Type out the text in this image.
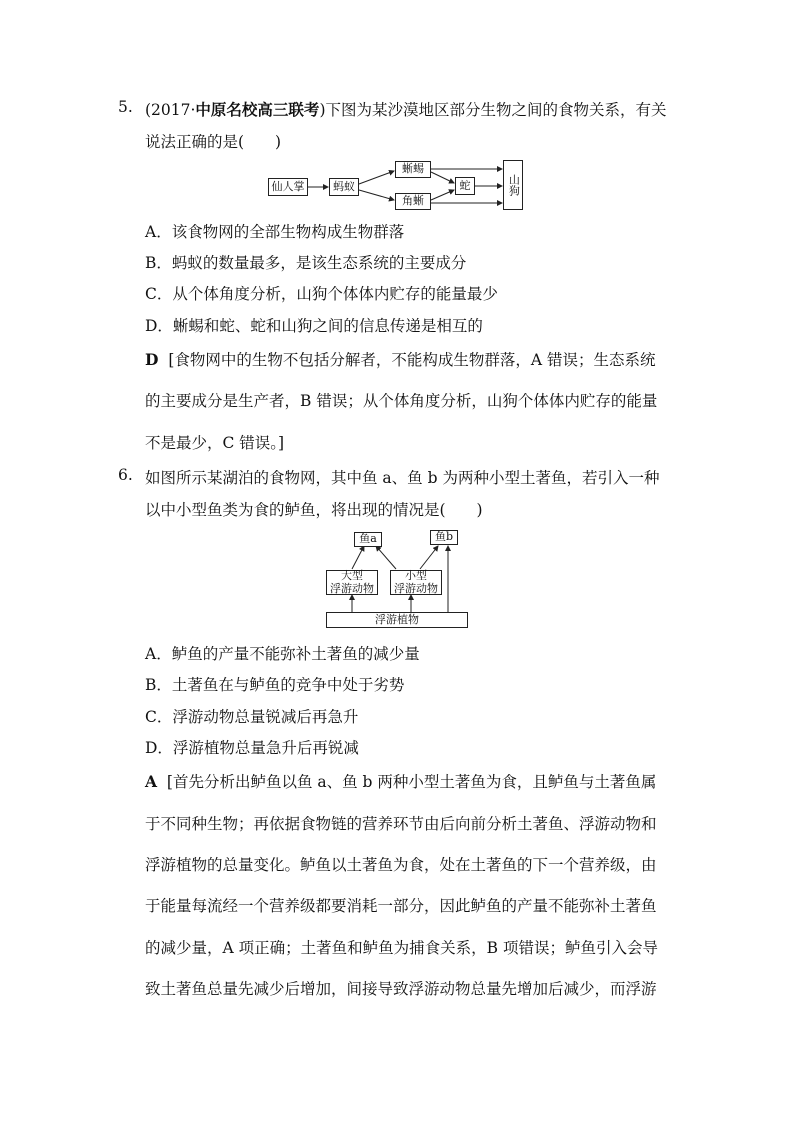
5. (2017·中原名校高三联考)下图为某沙漠地区部分生物之间的食物关系，有关
说法正确的是(　　)
仙人掌	蚂蚁
蜥蜴
角蜥
蛇	山狗
A．该食物网的全部生物构成生物群落
B．蚂蚁的数量最多，是该生态系统的主要成分
C．从个体角度分析，山狗个体体内贮存的能量最少
D．蜥蜴和蛇、蛇和山狗之间的信息传递是相互的
D [食物网中的生物不包括分解者，不能构成生物群落，A 错误；生态系统
的主要成分是生产者，B 错误；从个体角度分析，山狗个体体内贮存的能量
不是最少，C 错误。]
6. 如图所示某湖泊的食物网，其中鱼 a、鱼 b 为两种小型土著鱼，若引入一种
以中小型鱼类为食的鲈鱼，将出现的情况是(　　)
鱼a	鱼b
大型
浮游动物
小型
浮游动物
浮游植物
A．鲈鱼的产量不能弥补土著鱼的减少量
B．土著鱼在与鲈鱼的竞争中处于劣势
C．浮游动物总量锐减后再急升
D．浮游植物总量急升后再锐减
A [首先分析出鲈鱼以鱼 a、鱼 b 两种小型土著鱼为食，且鲈鱼与土著鱼属
于不同种生物；再依据食物链的营养环节由后向前分析土著鱼、浮游动物和
浮游植物的总量变化。鲈鱼以土著鱼为食，处在土著鱼的下一个营养级，由
于能量每流经一个营养级都要消耗一部分，因此鲈鱼的产量不能弥补土著鱼
的减少量，A 项正确；土著鱼和鲈鱼为捕食关系，B 项错误；鲈鱼引入会导
致土著鱼总量先减少后增加，间接导致浮游动物总量先增加后减少，而浮游
